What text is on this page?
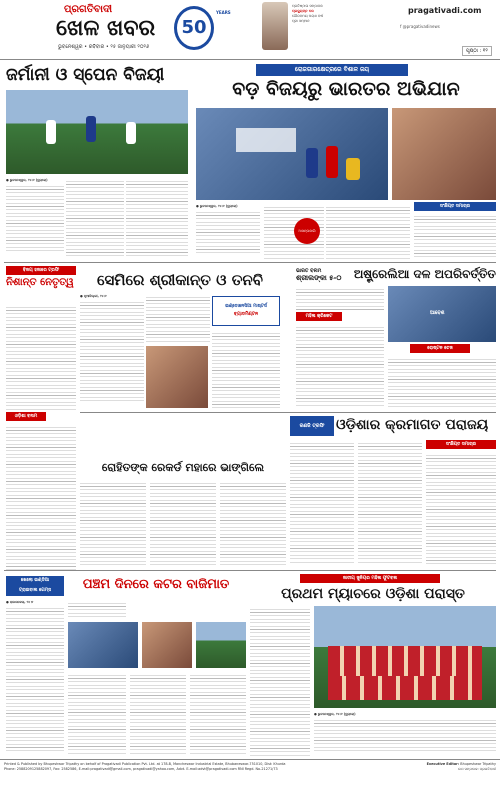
ପ୍ରଗତିବାଦୀ
ଖେଳ ଖବର
ଭୁବନେଶ୍ୱର • ରବିବାର • ୨୫ ଜାନୁୟାରୀ ୨୦୨୬
50
YEARS
ପ୍ରତିଷ୍ଠାତା ସମ୍ପାଦକ
ପ୍ରଦ୍ୟୁମ୍ନ ବଳ
ଗୌରବମୟ ପଚାଶ ବର୍ଷ
ପୂଜା ସମ୍ମାନ
pragativadi.com
f @pragativadinews
ପୃଷ୍ଠା : ୧୨
ଜର୍ମାନୀ ଓ ସ୍ପେନ ବିଜୟୀ

● ଭୁବନେଶ୍ୱର, ୨୪।୧ (ବ୍ୟୁରୋ)

ରୋଜଗାରକ୍ଷେତ୍ରରେ ବିଶାଳ ଜୟ
ବଡ଼ ବିଜୟରୁ ଭାରତର ଅଭିଯାନ

● ଭୁବନେଶ୍ୱର, ୨୪।୧ (ବ୍ୟୁରୋ)

ଆସନ୍ତାକାଲି ଓଡ଼ିଶା
ସଂକ୍ଷିପ୍ତ ସମାଚାର
ବିଜୟ ହଜାରେ ଟ୍ରଫି
ନିଶାନ୍ତ ନେତୃତ୍ୱ
ଓଡ଼ିଶା ବନାମ
ସେମିରେ ଶ୍ରୀକାନ୍ତ ଓ ତନବି

● ନୂଆଦିଲ୍ଲୀ, ୨୪।୧

ଇଣ୍ଡୋନେସିଆ ମାଷ୍ଟର୍ସ
ବ୍ୟାଡମିଣ୍ଟନ
ଭାରତ ବନାମ
ଶ୍ରୀଲଙ୍କା ୫-୦	ଅଷ୍ଟ୍ରେଲିଆ ଦଳ ଅପରିବର୍ତ୍ତିତ
ମହିଳା କ୍ରିକେଟ
ଆବେଶ
ରୋଷ୍ଟନ ଚେଜ
ରଣଜି ଟ୍ରଫି ଓଡ଼ିଶାର କ୍ରମାଗତ ପରାଜୟ
ସଂକ୍ଷିପ୍ତ ସମାଚାର
ରୋହିତଙ୍କ ରେକର୍ଡ ମହାରେ ଭାଙ୍ଗିଲେ
ଖେଲୋ ଇଣ୍ଡିଆ
ଟ୍ରାଇବାଲ ଗେମ୍ସ	ପଞ୍ଚମ ଦିନରେ କଟର ବାଜିମାତ

● ରାଉରକେଲା, ୨୪।୧

ଜାତୀୟ ଜୁନିୟର ମହିଳା ଫୁଟବଲ
ପ୍ରଥମ ମ୍ୟାଚରେ ଓଡ଼ିଶା ପରାସ୍ତ

● ଭୁବନେଶ୍ୱର, ୨୪।୧ (ବ୍ୟୁରୋ)

Printed & Published by Bhupeshwar Tripathy on behalf of Pragativadi Publication Pvt. Ltd. at 178-B, Mancheswar Industrial Estate, Bhubaneswar-751010, Dist: Khurda
Phone: 2588209125882097, Fax: 2582586, E-mail:pragativadi@gmail.com, pragativadi@yahoo.com, Advt. E-mail:advt@pragativadi.com RNI Regd. No-21271/73
Executive Editor: Bhupeshwar Tripathy
ଉପ ସମ୍ପାଦକ: ପ୍ରଗତିବାଦୀ
